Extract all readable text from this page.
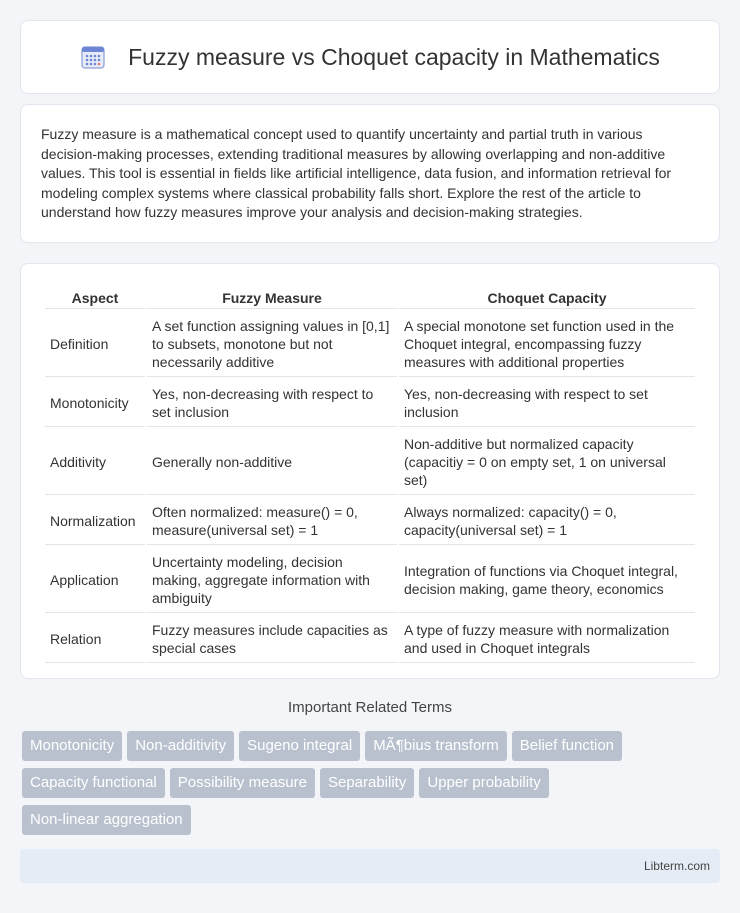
Fuzzy measure vs Choquet capacity in Mathematics

Fuzzy measure is a mathematical concept used to quantify uncertainty and partial truth in various decision-making processes, extending traditional measures by allowing overlapping and non-additive values. This tool is essential in fields like artificial intelligence, data fusion, and information retrieval for modeling complex systems where classical probability falls short. Explore the rest of the article to understand how fuzzy measures improve your analysis and decision-making strategies.

Aspect	Fuzzy Measure	Choquet Capacity
Definition	A set function assigning values in [0,1] to subsets, monotone but not necessarily additive	A special monotone set function used in the Choquet integral, encompassing fuzzy measures with additional properties
Monotonicity	Yes, non-decreasing with respect to set inclusion	Yes, non-decreasing with respect to set inclusion
Additivity	Generally non-additive	Non-additive but normalized capacity (capacitiy = 0 on empty set, 1 on universal set)
Normalization	Often normalized: measure() = 0, measure(universal set) = 1	Always normalized: capacity() = 0, capacity(universal set) = 1
Application	Uncertainty modeling, decision making, aggregate information with ambiguity	Integration of functions via Choquet integral, decision making, game theory, economics
Relation	Fuzzy measures include capacities as special cases	A type of fuzzy measure with normalization and used in Choquet integrals
Important Related Terms
Monotonicity	Non-additivity	Sugeno integral	MÃ¶bius transform	Belief function
Capacity functional	Possibility measure	Separability	Upper probability
Non-linear aggregation
Libterm.com
